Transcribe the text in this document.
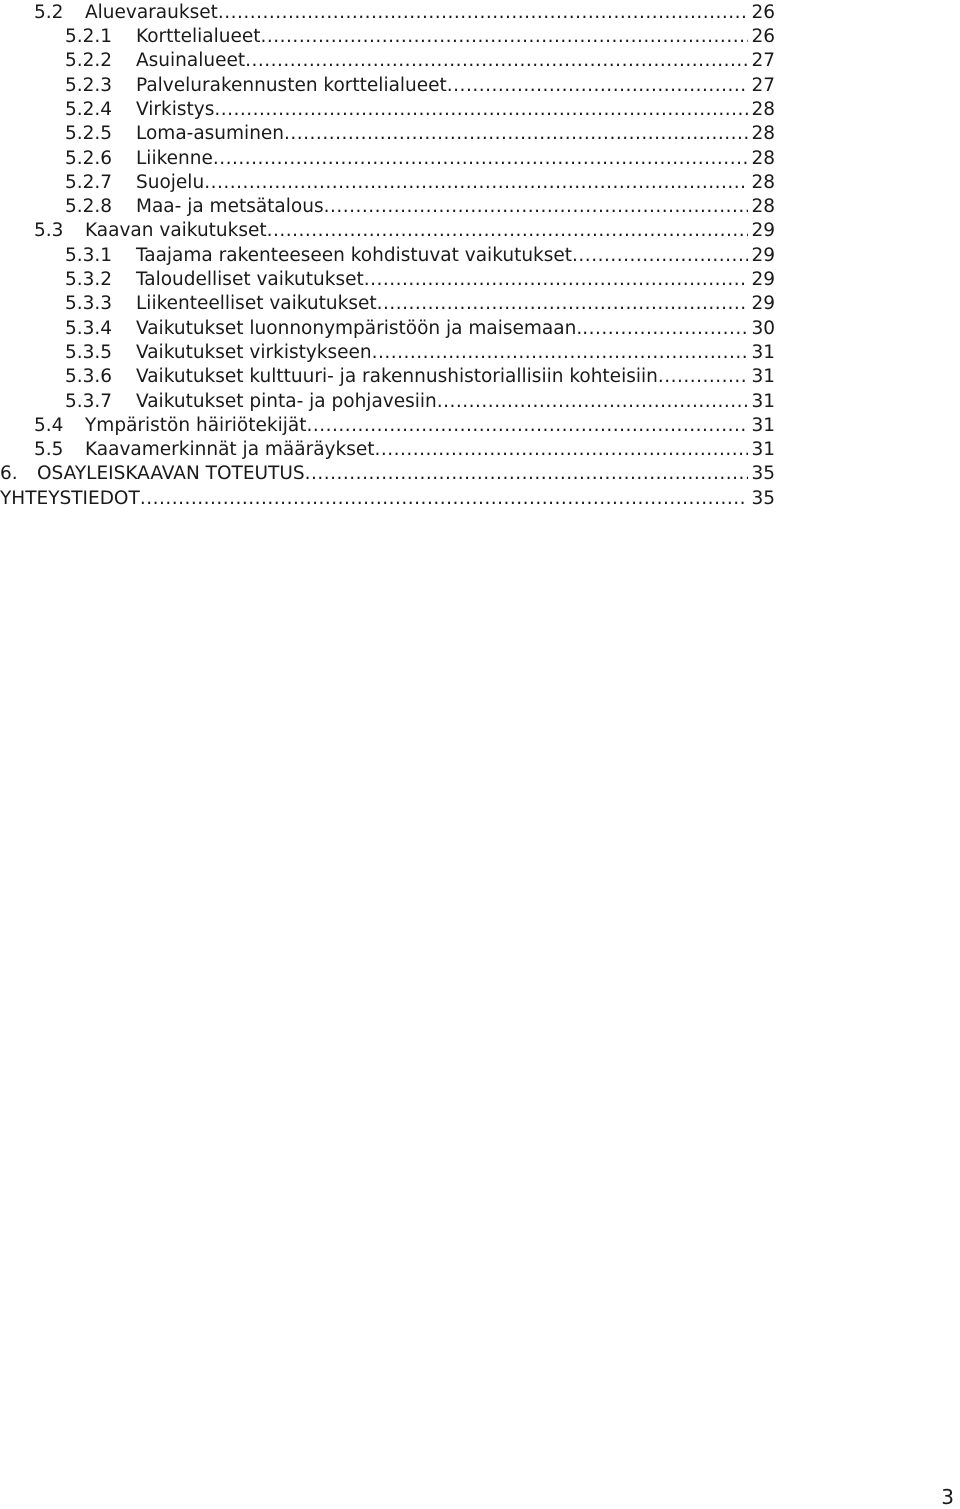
5.2	Aluevaraukset .....	26
5.2.1	Korttelialueet .....	26
5.2.2	Asuinalueet .....	27
5.2.3	Palvelurakennusten korttelialueet .....	27
5.2.4	Virkistys .....	28
5.2.5	Loma-asuminen .....	28
5.2.6	Liikenne .....	28
5.2.7	Suojelu .....	28
5.2.8	Maa- ja metsätalous .....	28
5.3	Kaavan vaikutukset .....	29
5.3.1	Taajama rakenteeseen kohdistuvat vaikutukset .....	29
5.3.2	Taloudelliset vaikutukset .....	29
5.3.3	Liikenteelliset vaikutukset .....	29
5.3.4	Vaikutukset luonnonympäristöön ja maisemaan. .....	30
5.3.5	Vaikutukset virkistykseen .....	31
5.3.6	Vaikutukset kulttuuri- ja rakennushistoriallisiin kohteisiin .....	31
5.3.7	Vaikutukset pinta- ja pohjavesiin .....	31
5.4	Ympäristön häiriötekijät .....	31
5.5	Kaavamerkinnät ja määräykset .....	31
6.	OSAYLEISKAAVAN TOTEUTUS .....	35
YHTEYSTIEDOT .....	35
3
